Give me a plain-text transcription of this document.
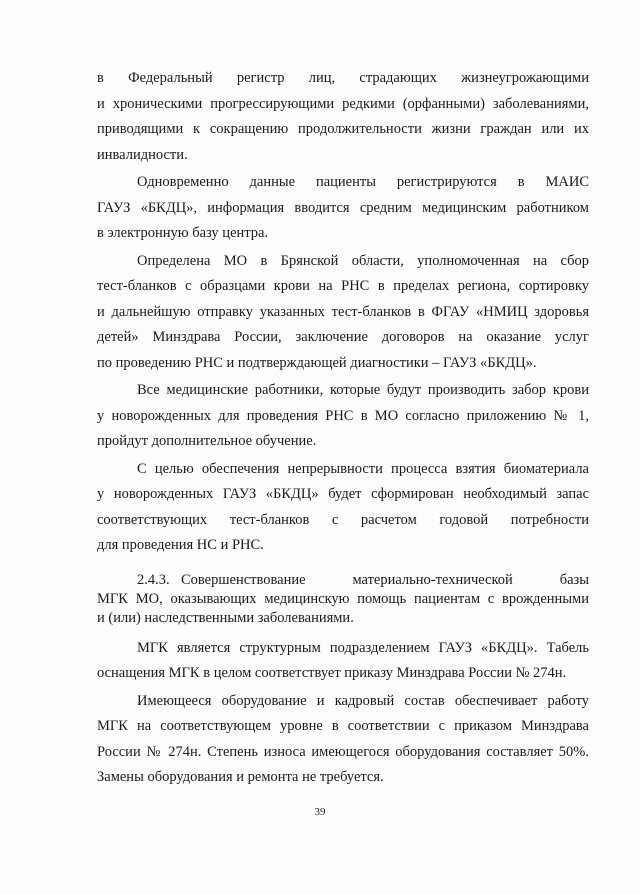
в Федеральный регистр лиц, страдающих жизнеугрожающими
и хроническими прогрессирующими редкими (орфанными) заболеваниями,
приводящими к сокращению продолжительности жизни граждан или их
инвалидности.
Одновременно данные пациенты регистрируются в МАИС
ГАУЗ «БКДЦ», информация вводится средним медицинским работником
в электронную базу центра.
Определена МО в Брянской области, уполномоченная на сбор
тест-бланков с образцами крови на РНС в пределах региона, сортировку
и дальнейшую отправку указанных тест-бланков в ФГАУ «НМИЦ здоровья
детей» Минздрава России, заключение договоров на оказание услуг
по проведению РНС и подтверждающей диагностики – ГАУЗ «БКДЦ».
Все медицинские работники, которые будут производить забор крови
у новорожденных для проведения РНС в МО согласно приложению № 1,
пройдут дополнительное обучение.
С целью обеспечения непрерывности процесса взятия биоматериала
у новорожденных ГАУЗ «БКДЦ» будет сформирован необходимый запас
соответствующих тест-бланков с расчетом годовой потребности
для проведения НС и РНС.
2.4.3. Совершенствование материально-технической базы
МГК МО, оказывающих медицинскую помощь пациентам с врожденными
и (или) наследственными заболеваниями.
МГК является структурным подразделением ГАУЗ «БКДЦ». Табель
оснащения МГК в целом соответствует приказу Минздрава России № 274н.
Имеющееся оборудование и кадровый состав обеспечивает работу
МГК на соответствующем уровне в соответствии с приказом Минздрава
России № 274н. Степень износа имеющегося оборудования составляет 50%.
Замены оборудования и ремонта не требуется.
39
